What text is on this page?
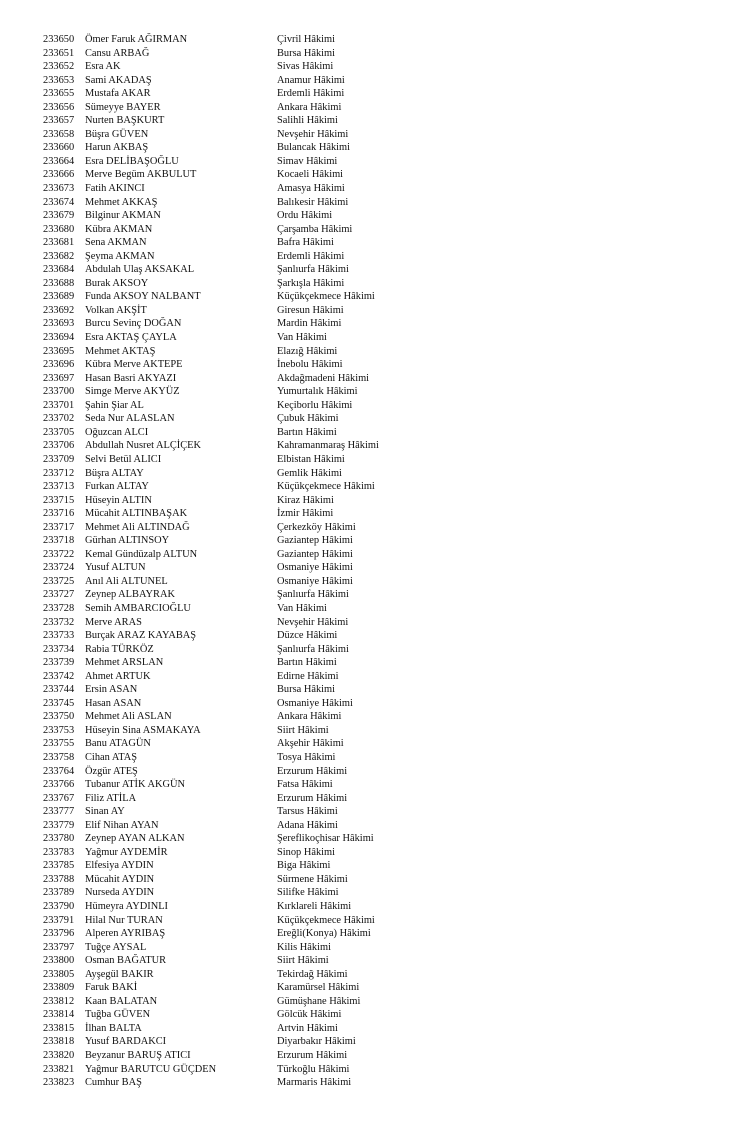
233650 Ömer Faruk AĞIRMAN	Çivril Hâkimi
233651 Cansu ARBAĞ	Bursa Hâkimi
233652 Esra AK	Sivas Hâkimi
233653 Sami AKADAŞ	Anamur Hâkimi
233655 Mustafa AKAR	Erdemli Hâkimi
233656 Sümeyye BAYER	Ankara Hâkimi
233657 Nurten BAŞKURT	Salihli Hâkimi
233658 Büşra GÜVEN	Nevşehir Hâkimi
233660 Harun AKBAŞ	Bulancak Hâkimi
233664 Esra DELİBAŞOĞLU	Simav Hâkimi
233666 Merve Begüm AKBULUT	Kocaeli Hâkimi
233673 Fatih AKINCI	Amasya Hâkimi
233674 Mehmet AKKAŞ	Balıkesir Hâkimi
233679 Bilginur AKMAN	Ordu Hâkimi
233680 Kübra AKMAN	Çarşamba Hâkimi
233681 Sena AKMAN	Bafra Hâkimi
233682 Şeyma AKMAN	Erdemli Hâkimi
233684 Abdulah Ulaş AKSAKAL	Şanlıurfa Hâkimi
233688 Burak AKSOY	Şarkışla Hâkimi
233689 Funda AKSOY NALBANT	Küçükçekmece Hâkimi
233692 Volkan AKŞİT	Giresun Hâkimi
233693 Burcu Sevinç DOĞAN	Mardin Hâkimi
233694 Esra AKTAŞ ÇAYLA	Van Hâkimi
233695 Mehmet AKTAŞ	Elazığ Hâkimi
233696 Kübra Merve AKTEPE	İnebolu Hâkimi
233697 Hasan Basri AKYAZI	Akdağmadeni Hâkimi
233700 Simge Merve AKYÜZ	Yumurtalık Hâkimi
233701 Şahin Şiar AL	Keçiborlu Hâkimi
233702 Seda Nur ALASLAN	Çubuk Hâkimi
233705 Oğuzcan ALCI	Bartın Hâkimi
233706 Abdullah Nusret ALÇİÇEK	Kahramanmaraş Hâkimi
233709 Selvi Betül ALICI	Elbistan Hâkimi
233712 Büşra ALTAY	Gemlik Hâkimi
233713 Furkan ALTAY	Küçükçekmece Hâkimi
233715 Hüseyin ALTIN	Kiraz Hâkimi
233716 Mücahit ALTINBAŞAK	İzmir Hâkimi
233717 Mehmet Ali ALTINDAĞ	Çerkezköy Hâkimi
233718 Gürhan ALTINSOY	Gaziantep Hâkimi
233722 Kemal Gündüzalp ALTUN	Gaziantep Hâkimi
233724 Yusuf ALTUN	Osmaniye Hâkimi
233725 Anıl Ali ALTUNEL	Osmaniye Hâkimi
233727 Zeynep ALBAYRAK	Şanlıurfa Hâkimi
233728 Semih AMBARCIOĞLU	Van Hâkimi
233732 Merve ARAS	Nevşehir Hâkimi
233733 Burçak ARAZ KAYABAŞ	Düzce Hâkimi
233734 Rabia TÜRKÖZ	Şanlıurfa Hâkimi
233739 Mehmet ARSLAN	Bartın Hâkimi
233742 Ahmet ARTUK	Edirne Hâkimi
233744 Ersin ASAN	Bursa Hâkimi
233745 Hasan ASAN	Osmaniye Hâkimi
233750 Mehmet Ali ASLAN	Ankara Hâkimi
233753 Hüseyin Sina ASMAKAYA	Siirt Hâkimi
233755 Banu ATAGÜN	Akşehir Hâkimi
233758 Cihan ATAŞ	Tosya Hâkimi
233764 Özgür ATEŞ	Erzurum Hâkimi
233766 Tubanur ATİK AKGÜN	Fatsa Hâkimi
233767 Filiz ATİLA	Erzurum Hâkimi
233777 Sinan AY	Tarsus Hâkimi
233779 Elif Nihan AYAN	Adana Hâkimi
233780 Zeynep AYAN ALKAN	Şereflikoçhisar Hâkimi
233783 Yağmur AYDEMİR	Sinop Hâkimi
233785 Elfesiya AYDIN	Biga Hâkimi
233788 Mücahit AYDIN	Sürmene Hâkimi
233789 Nurseda AYDIN	Silifke Hâkimi
233790 Hümeyra AYDINLI	Kırklareli Hâkimi
233791 Hilal Nur TURAN	Küçükçekmece Hâkimi
233796 Alperen AYRIBAŞ	Ereğli(Konya) Hâkimi
233797 Tuğçe AYSAL	Kilis Hâkimi
233800 Osman BAĞATUR	Siirt Hâkimi
233805 Ayşegül BAKIR	Tekirdağ Hâkimi
233809 Faruk BAKİ	Karamürsel Hâkimi
233812 Kaan BALATAN	Gümüşhane Hâkimi
233814 Tuğba GÜVEN	Gölcük Hâkimi
233815 İlhan BALTA	Artvin Hâkimi
233818 Yusuf BARDAKCI	Diyarbakır Hâkimi
233820 Beyzanur BARUŞ ATICI	Erzurum Hâkimi
233821 Yağmur BARUTCU GÜÇDEN	Türkoğlu Hâkimi
233823 Cumhur BAŞ	Marmaris Hâkimi
